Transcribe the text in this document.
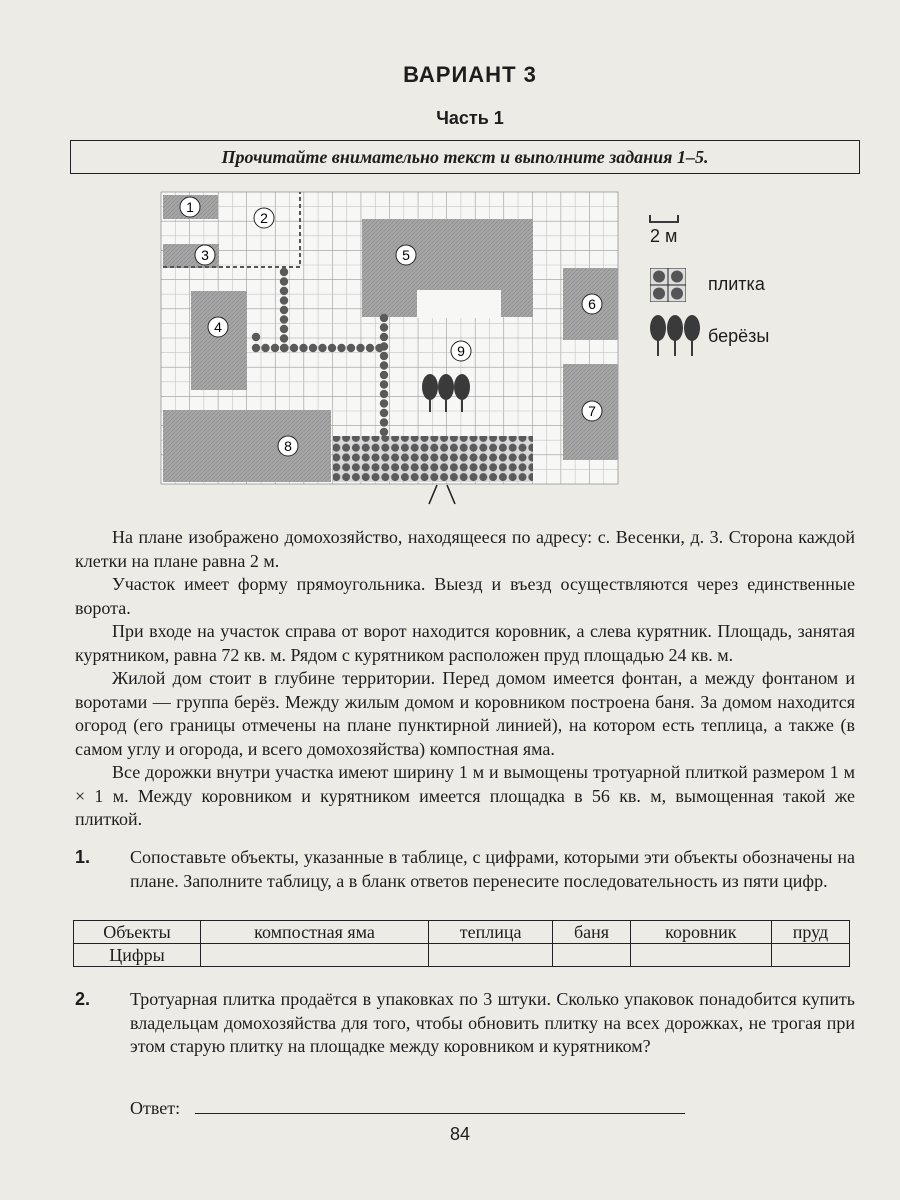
ВАРИАНТ 3
Часть 1
Прочитайте внимательно текст и выполните задания 1–5.
1
2
3
4
5
6
7
8
9
2 м
плитка
берёзы

На плане изображено домохозяйство, находящееся по адресу: с. Весенки, д. 3. Сторона каждой клетки на плане равна 2 м.

Участок имеет форму прямоугольника. Выезд и въезд осуществляются через единственные ворота.

При входе на участок справа от ворот находится коровник, а слева курятник. Площадь, занятая курятником, равна 72 кв. м. Рядом с курятником расположен пруд площадью 24 кв. м.

Жилой дом стоит в глубине территории. Перед домом имеется фонтан, а между фонтаном и воротами — группа берёз. Между жилым домом и коровником построена баня. За домом находится огород (его границы отмечены на плане пунктирной линией), на котором есть теплица, а также (в самом углу и огорода, и всего домохозяйства) компостная яма.

Все дорожки внутри участка имеют ширину 1 м и вымощены тротуарной плиткой размером 1 м × 1 м. Между коровником и курятником имеется площадка в 56 кв. м, вымощенная такой же плиткой.

1. Сопоставьте объекты, указанные в таблице, с цифрами, которыми эти объекты обозначены на плане. Заполните таблицу, а в бланк ответов перенесите последовательность из пяти цифр.
Объекты	компостная яма	теплица	баня	коровник	пруд
Цифры					
2. Тротуарная плитка продаётся в упаковках по 3 штуки. Сколько упаковок понадобится купить владельцам домохозяйства для того, чтобы обновить плитку на всех дорожках, не трогая при этом старую плитку на площадке между коровником и курятником?
Ответ:
84
